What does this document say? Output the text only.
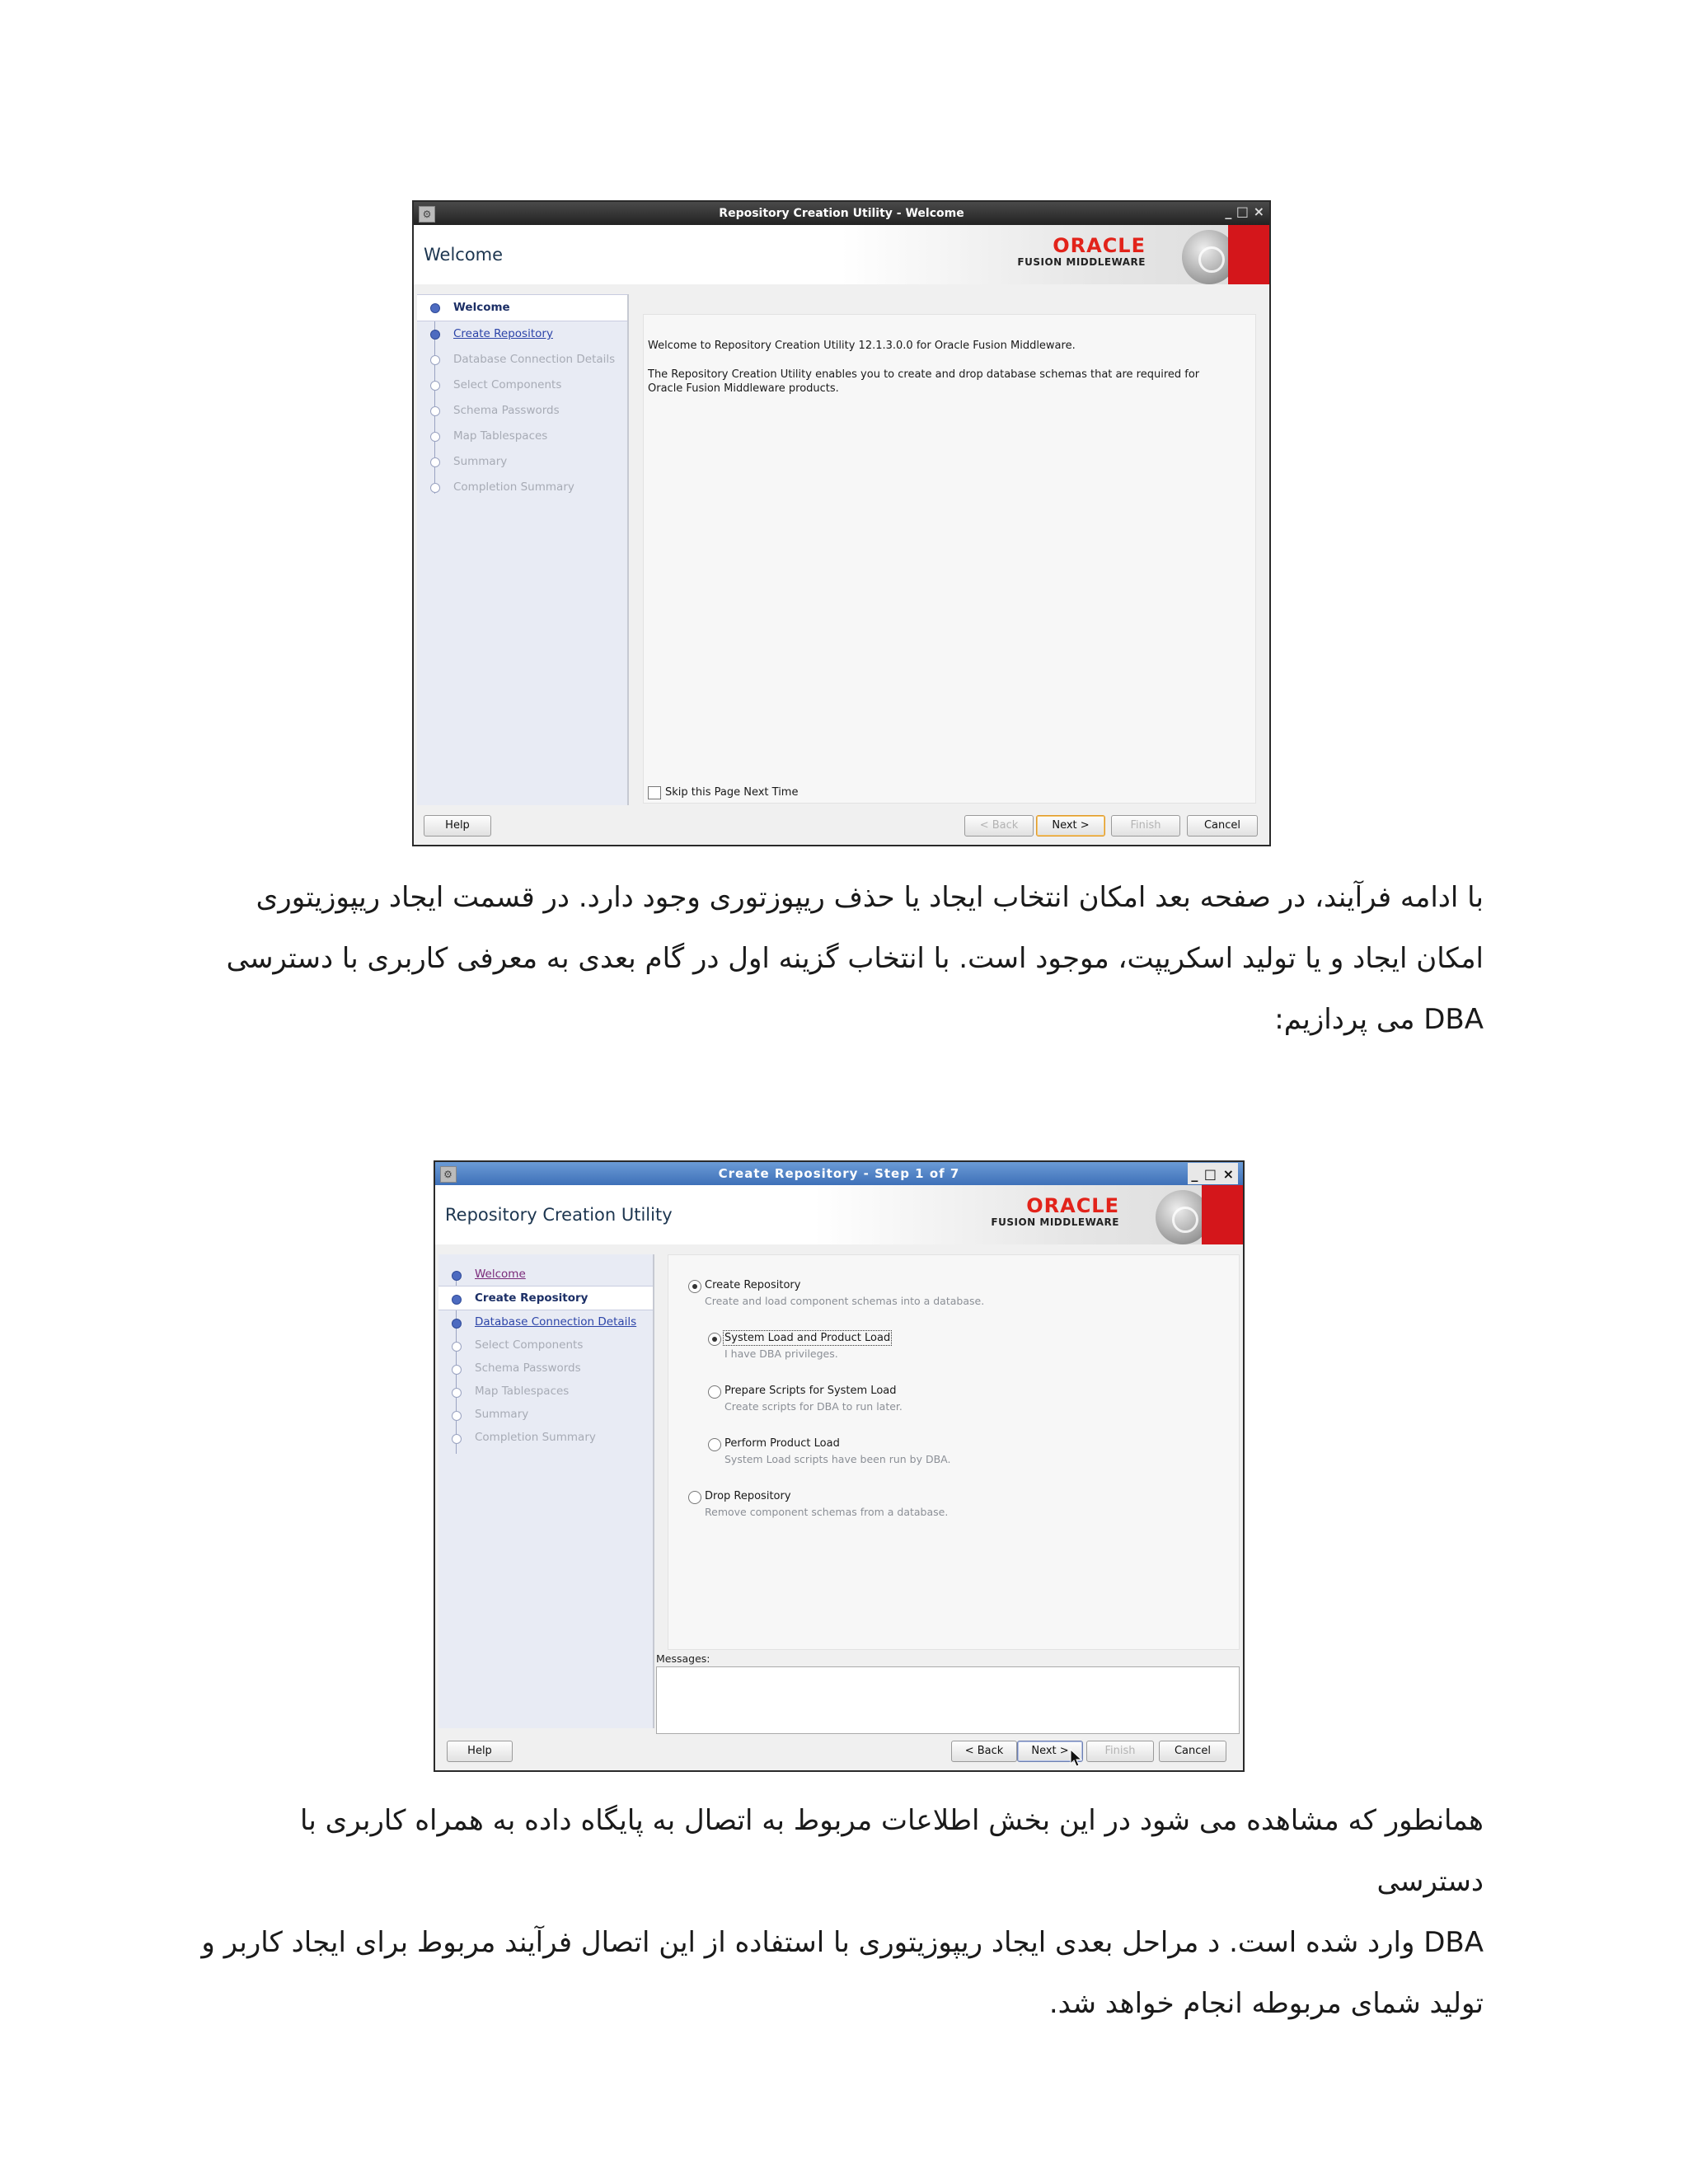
⚙	Repository Creation Utility - Welcome	_ □ ×
Welcome	ORACLE
FUSION MIDDLEWARE
Welcome
Create Repository
Database Connection Details
Select Components
Schema Passwords
Map Tablespaces
Summary
Completion Summary
Welcome to Repository Creation Utility 12.1.3.0.0 for Oracle Fusion Middleware.
The Repository Creation Utility enables you to create and drop database schemas that are required for
Oracle Fusion Middleware products.
Skip this Page Next Time
Help	< Back	Next >	Finish	Cancel
با ادامه فرآیند، در صفحه بعد امکان انتخاب ایجاد یا حذف ریپوزتوری وجود دارد. در قسمت ایجاد ریپوزیتوری
امکان ایجاد و یا تولید اسکریپت، موجود است. با انتخاب گزینه اول در گام بعدی به معرفی کاربری با دسترسی
DBA می پردازیم:
⚙	Create Repository - Step 1 of 7	_ □ ×
Repository Creation Utility	ORACLE
FUSION MIDDLEWARE
Welcome
Create Repository
Database Connection Details
Select Components
Schema Passwords
Map Tablespaces
Summary
Completion Summary
Create Repository
Create and load component schemas into a database.
System Load and Product Load
I have DBA privileges.
Prepare Scripts for System Load
Create scripts for DBA to run later.
Perform Product Load
System Load scripts have been run by DBA.
Drop Repository
Remove component schemas from a database.
Messages:
Help	< Back	Next >	Finish	Cancel
همانطور که مشاهده می شود در این بخش اطلاعات مربوط به اتصال به پایگاه داده به همراه کاربری با دسترسی
DBA وارد شده است. د مراحل بعدی ایجاد ریپوزیتوری با استفاده از این اتصال فرآیند مربوط برای ایجاد کاربر و
تولید شمای مربوطه انجام خواهد شد.
